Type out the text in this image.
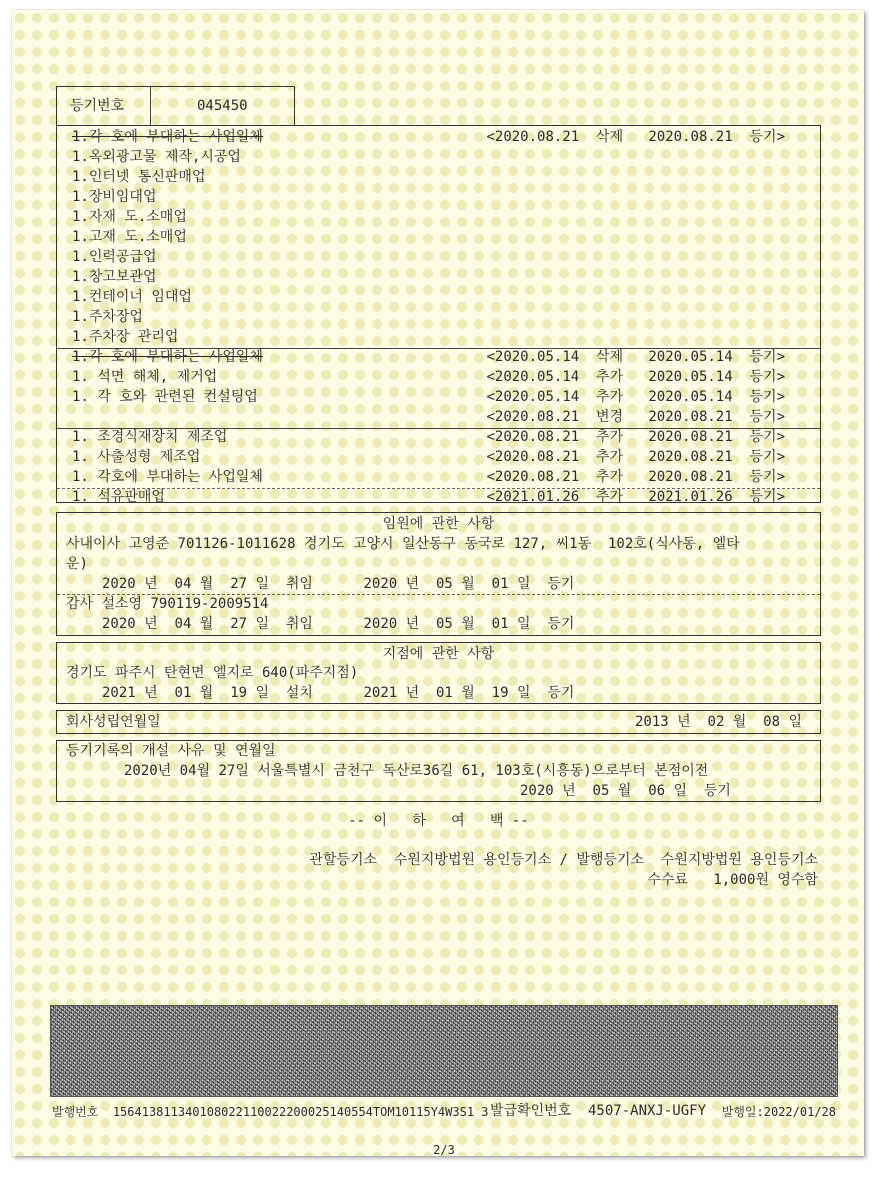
등기번호	045450
1.각 호에 부대하는 사업일체	<2020.08.21  삭제   2020.08.21  등기>
1.옥외광고물 제작,시공업
1.인터넷 통신판매업
1.장비임대업
1.자재 도.소매업
1.고재 도.소매업
1.인력공급업
1.창고보관업
1.컨테이너 임대업
1.주차장업
1.주차장 관리업
1.각 호에 부대하는 사업일체	<2020.05.14  삭제   2020.05.14  등기>
1. 석면 해체, 제거업	<2020.05.14  추가   2020.05.14  등기>
1. 각 호와 관련된 컨설팅업	<2020.05.14  추가   2020.05.14  등기>
<2020.08.21  변경   2020.08.21  등기>
1. 조경식재장치 제조업	<2020.08.21  추가   2020.08.21  등기>
1. 사출성형 제조업	<2020.08.21  추가   2020.08.21  등기>
1. 각호에 부대하는 사업일체	<2020.08.21  추가   2020.08.21  등기>
1. 석유판매업	<2021.01.26  추가   2021.01.26  등기>
임원에 관한 사항
사내이사 고영준 701126-1011628 경기도 고양시 일산동구 동국로 127, 씨1동  102호(식사동, 엘타
운)
2020 년  04 월  27 일  취임      2020 년  05 월  01 일  등기
감사 설소영 790119-2009514
2020 년  04 월  27 일  취임      2020 년  05 월  01 일  등기
지점에 관한 사항
경기도 파주시 탄현면 엘지로 640(파주지점)
2021 년  01 월  19 일  설치      2021 년  01 월  19 일  등기
회사성립연월일	2013 년  02 월  08 일
등기기록의 개설 사유 및 연월일
2020년 04월 27일 서울특별시 금천구 독산로36길 61, 103호(시흥동)으로부터 본점이전
2020 년  05 월  06 일  등기
-- 이   하   여   백 --
관할등기소  수원지방법원 용인등기소 / 발행등기소  수원지방법원 용인등기소
수수료   1,000원 영수함
발행번호  15641381134010802211002220002514055​4TOM10115Y4W3S1 3 발급확인번호  4507-ANXJ-UGFY	발행일:2022/01/28
2/3
